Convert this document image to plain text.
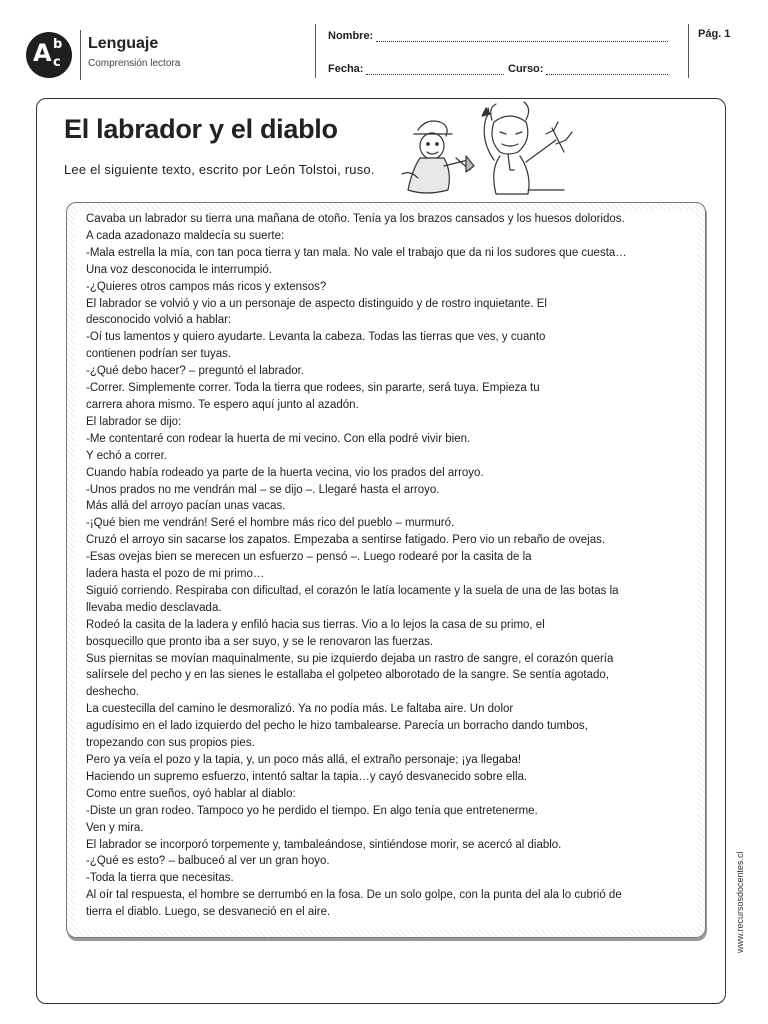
A b
c
Lenguaje
Comprensión lectora
Nombre:
Fecha:	Curso:
Pág. 1
El labrador y el diablo
Lee el siguiente texto, escrito por León Tolstoi, ruso.

Cavaba un labrador su tierra una mañana de otoño. Tenía ya los brazos cansados y los huesos doloridos.

A cada azadonazo maldecía su suerte:

-Mala estrella la mía, con tan poca tierra y tan mala. No vale el trabajo que da ni los sudores que cuesta…

Una voz desconocida le interrumpió.

-¿Quieres otros campos más ricos y extensos?

El labrador se volvió y vio a un personaje de aspecto distinguido y de rostro inquietante. El

desconocido volvió a hablar:

-Oí tus lamentos y quiero ayudarte. Levanta la cabeza. Todas las tierras que ves, y cuanto

contienen podrían ser tuyas.

-¿Qué debo hacer? – preguntó el labrador.

-Correr. Simplemente correr. Toda la tierra que rodees, sin pararte, será tuya. Empieza tu

carrera ahora mismo. Te espero aquí junto al azadón.

El labrador se dijo:

-Me contentaré con rodear la huerta de mi vecino. Con ella podré vivir bien.

Y echó a correr.

Cuando había rodeado ya parte de la huerta vecina, vio los prados del arroyo.

-Unos prados no me vendrán mal – se dijo –. Llegaré hasta el arroyo.

Más allá del arroyo pacían unas vacas.

-¡Qué bien me vendrán! Seré el hombre más rico del pueblo – murmuró.

Cruzó el arroyo sin sacarse los zapatos. Empezaba a sentirse fatigado. Pero vio un rebaño de ovejas.

-Esas ovejas bien se merecen un esfuerzo – pensó –. Luego rodearé por la casita de la

ladera hasta el pozo de mi primo…

Siguió corriendo. Respiraba con dificultad, el corazón le latía locamente y la suela de una de las botas la

llevaba medio desclavada.

Rodeó la casita de la ladera y enfiló hacia sus tierras. Vio a lo lejos la casa de su primo, el

bosquecillo que pronto iba a ser suyo, y se le renovaron las fuerzas.

Sus piernitas se movían maquinalmente, su pie izquierdo dejaba un rastro de sangre, el corazón quería

salírsele del pecho y en las sienes le estallaba el golpeteo alborotado de la sangre. Se sentía agotado,

deshecho.

La cuestecilla del camino le desmoralizó. Ya no podía más. Le faltaba aire. Un dolor

agudísimo en el lado izquierdo del pecho le hizo tambalearse. Parecía un borracho dando tumbos,

tropezando con sus propios pies.

Pero ya veía el pozo y la tapia, y, un poco más allá, el extraño personaje; ¡ya llegaba!

Haciendo un supremo esfuerzo, intentó saltar la tapia…y cayó desvanecido sobre ella.

Como entre sueños, oyó hablar al diablo:

-Diste un gran rodeo. Tampoco yo he perdido el tiempo. En algo tenía que entretenerme.

Ven y mira.

El labrador se incorporó torpemente y, tambaleándose, sintiéndose morir, se acercó al diablo.

-¿Qué es esto? – balbuceó al ver un gran hoyo.

-Toda la tierra que necesitas.

Al oír tal respuesta, el hombre se derrumbó en la fosa. De un solo golpe, con la punta del ala lo cubrió de

tierra el diablo. Luego, se desvaneció en el aire.	www.recursosdocentes.cl
